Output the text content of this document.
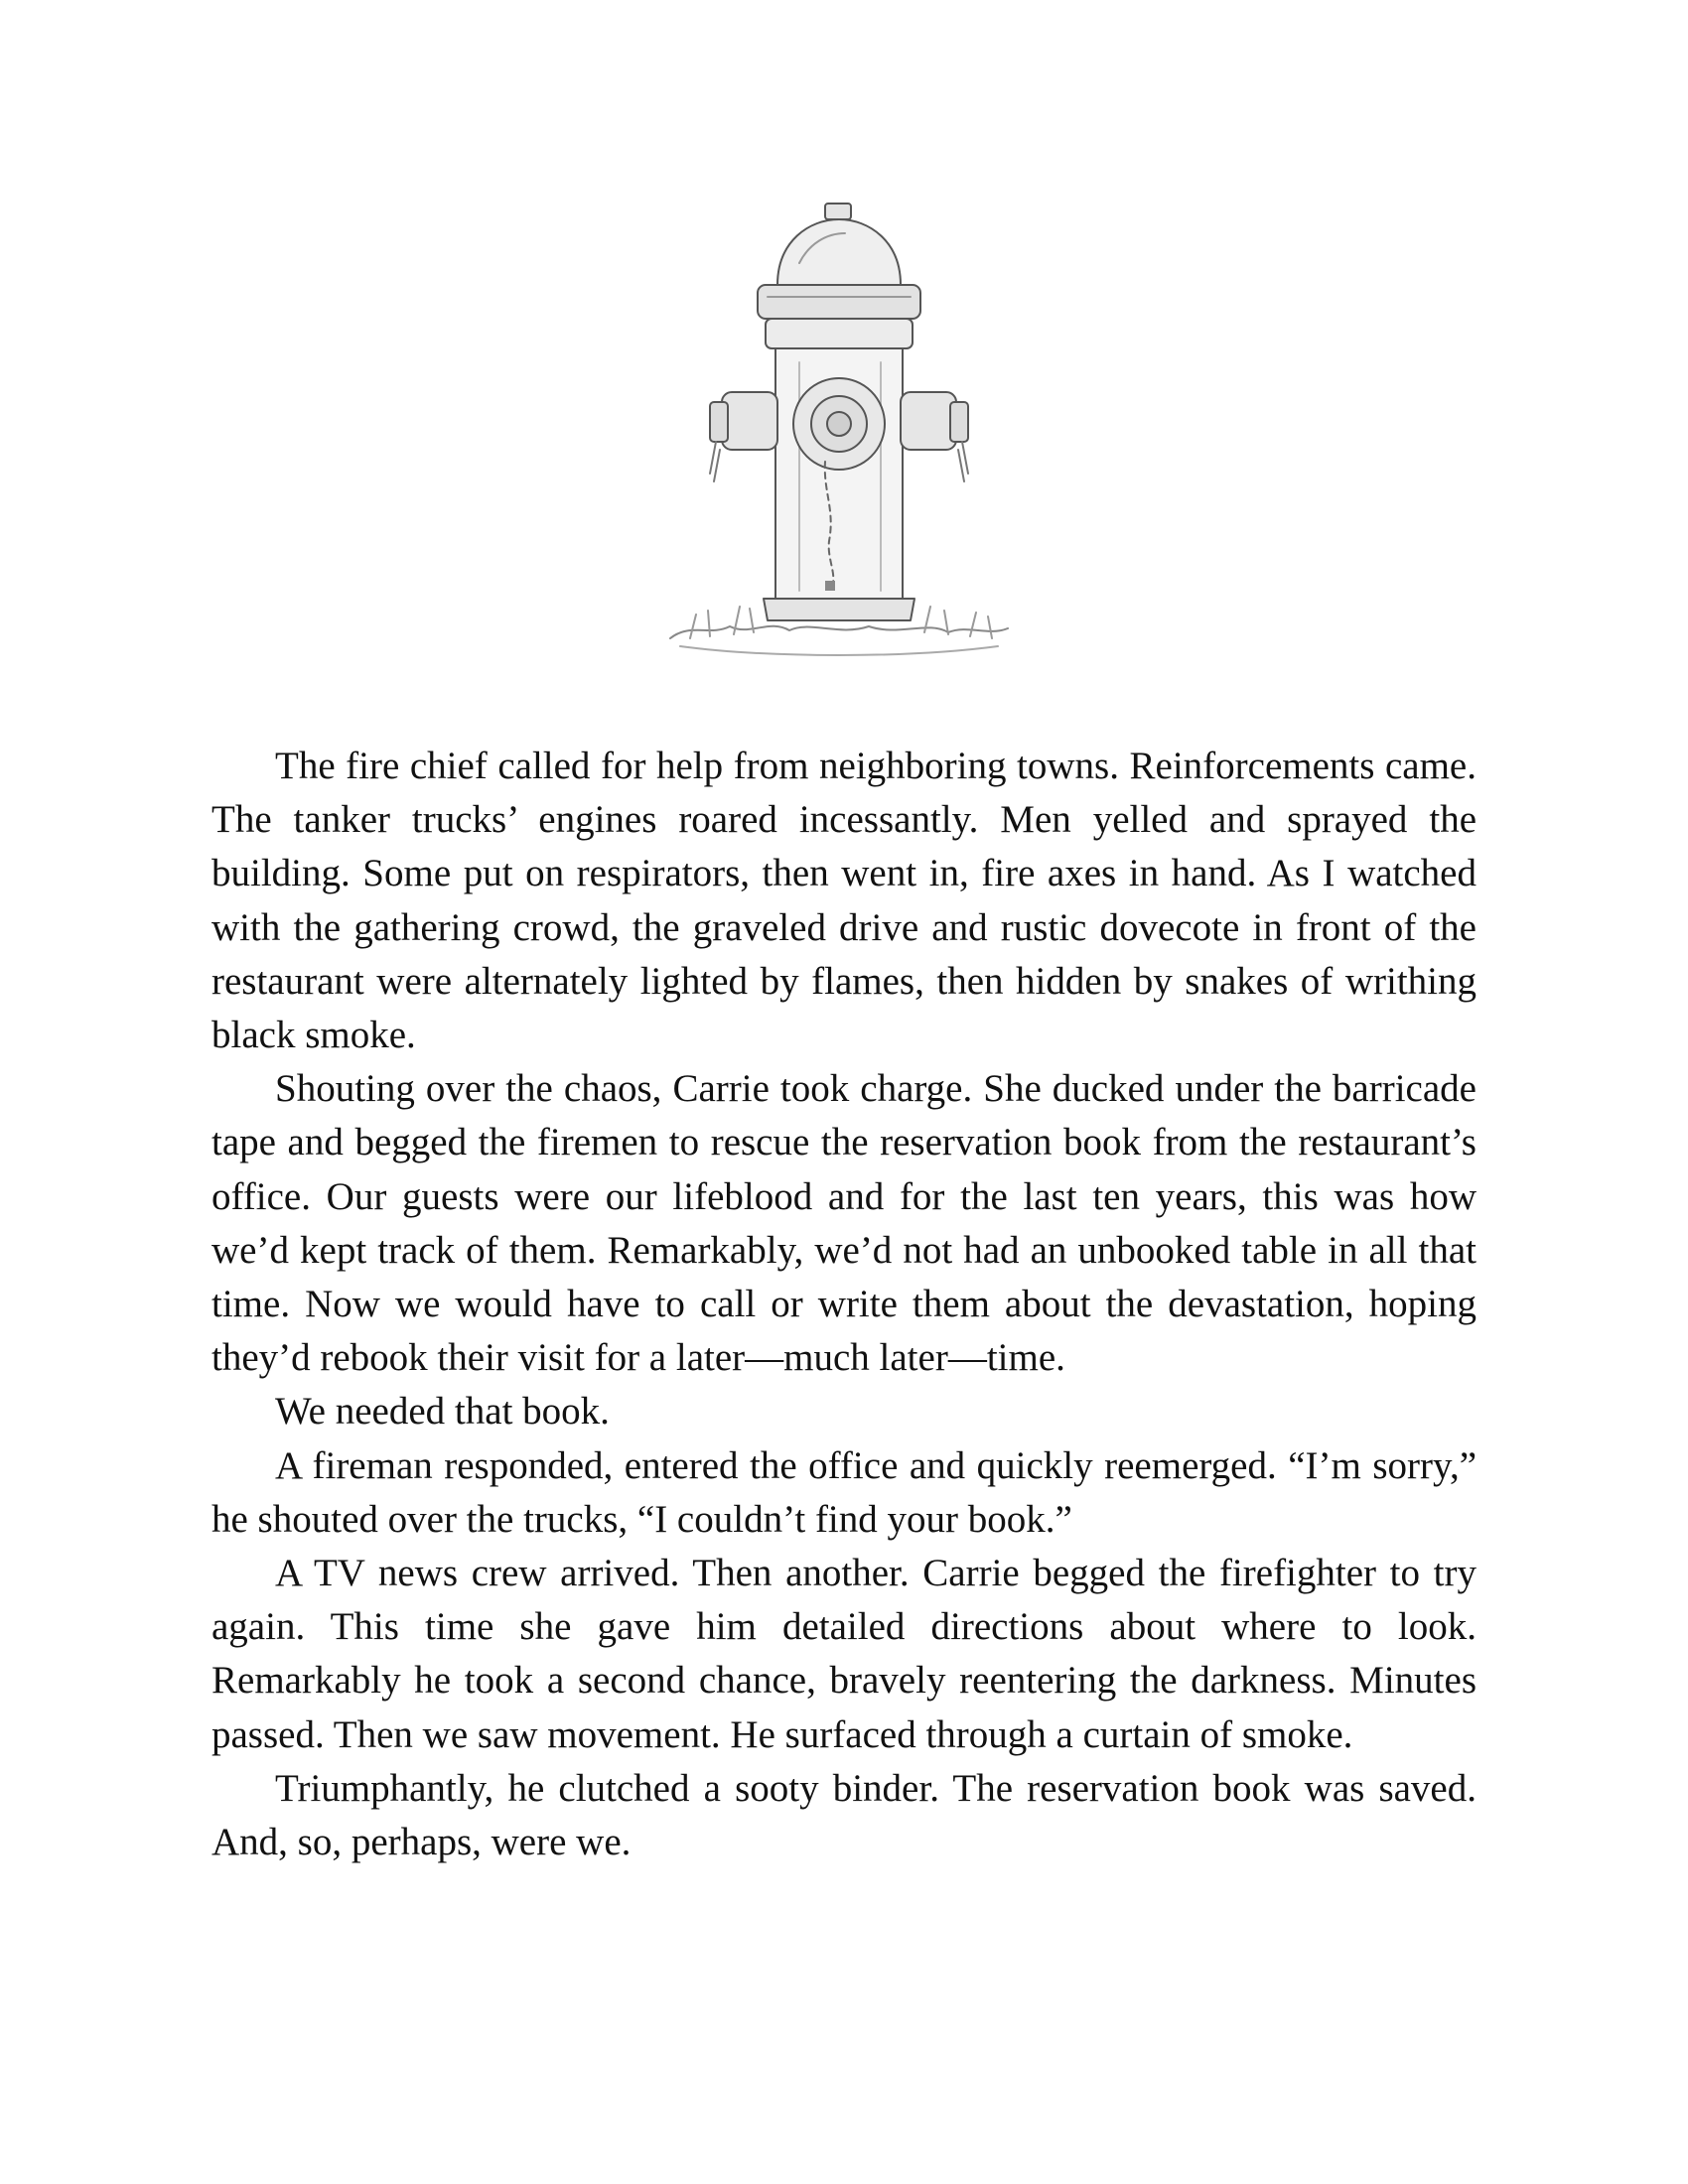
The fire chief called for help from neighboring towns. Reinforcements came. The tanker trucks’ engines roared incessantly. Men yelled and sprayed the building. Some put on respirators, then went in, fire axes in hand. As I watched with the gathering crowd, the graveled drive and rustic dovecote in front of the restaurant were alternately lighted by flames, then hidden by snakes of writhing black smoke.

Shouting over the chaos, Carrie took charge. She ducked under the barricade tape and begged the firemen to rescue the reservation book from the restaurant’s office. Our guests were our lifeblood and for the last ten years, this was how we’d kept track of them. Remarkably, we’d not had an unbooked table in all that time. Now we would have to call or write them about the devastation, hoping they’d rebook their visit for a later—much later—time.

We needed that book.

A fireman responded, entered the office and quickly reemerged. “I’m sorry,” he shouted over the trucks, “I couldn’t find your book.”

A TV news crew arrived. Then another. Carrie begged the firefighter to try again. This time she gave him detailed directions about where to look. Remarkably he took a second chance, bravely reentering the darkness. Minutes passed. Then we saw movement. He surfaced through a curtain of smoke.

Triumphantly, he clutched a sooty binder. The reservation book was saved. And, so, perhaps, were we.
